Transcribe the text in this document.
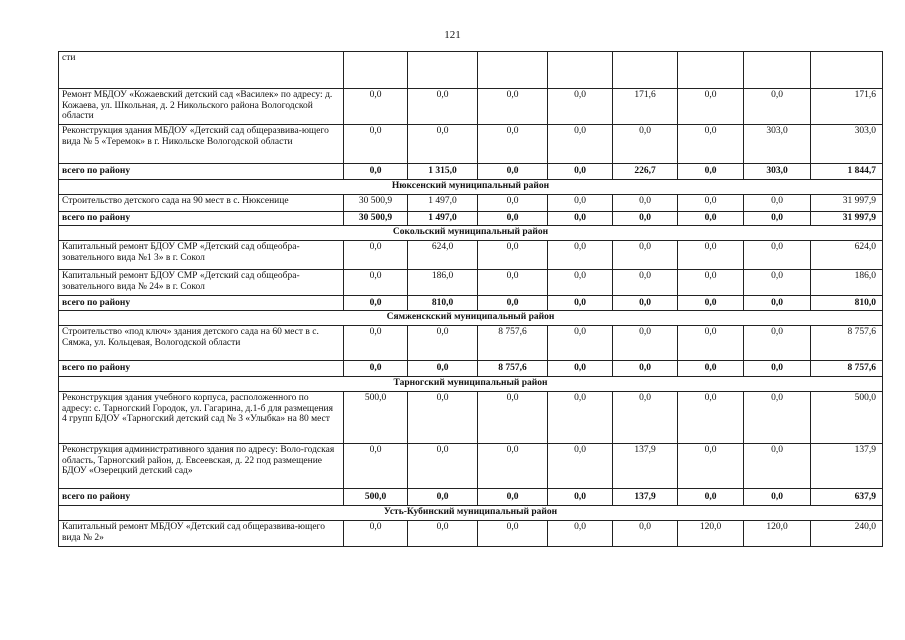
121
сти								
Ремонт МБДОУ «Кожаевский детский сад «Василек» по адресу: д. Кожаева, ул. Школьная, д. 2 Никольского района Вологодской области	0,0	0,0	0,0	0,0	171,6	0,0	0,0	171,6
Реконструкция здания МБДОУ «Детский сад общеразвива-ющего вида № 5 «Теремок» в г. Никольске Вологодской области	0,0	0,0	0,0	0,0	0,0	0,0	303,0	303,0
всего по району	0,0	1 315,0	0,0	0,0	226,7	0,0	303,0	1 844,7
Нюксенский муниципальный район								
Строительство детского сада на 90 мест в с. Нюксенице	30 500,9	1 497,0	0,0	0,0	0,0	0,0	0,0	31 997,9
всего по району	30 500,9	1 497,0	0,0	0,0	0,0	0,0	0,0	31 997,9
Сокольский муниципальный район								
Капитальный ремонт БДОУ СМР «Детский сад общеобра-зовательного вида №1 3» в г. Сокол	0,0	624,0	0,0	0,0	0,0	0,0	0,0	624,0
Капитальный ремонт БДОУ СМР «Детский сад общеобра-зовательного вида № 24» в г. Сокол	0,0	186,0	0,0	0,0	0,0	0,0	0,0	186,0
всего по району	0,0	810,0	0,0	0,0	0,0	0,0	0,0	810,0
Сямженскский муниципальный район								
Строительство «под ключ» здания детского сада на 60 мест в с. Сямжа, ул. Кольцевая, Вологодской области	0,0	0,0	8 757,6	0,0	0,0	0,0	0,0	8 757,6
всего по району	0,0	0,0	8 757,6	0,0	0,0	0,0	0,0	8 757,6
Тарногский муниципальный район								
Реконструкция здания учебного корпуса, расположенного по адресу: с. Тарногский Городок, ул. Гагарина, д.1-б для размещения 4 групп БДОУ «Тарногский детский сад № 3 «Улыбка» на 80 мест	500,0	0,0	0,0	0,0	0,0	0,0	0,0	500,0
Реконструкция административного здания по адресу: Воло-годская область, Тарногский район, д. Евсеевская, д. 22 под размещение БДОУ «Озерецкий детский сад»	0,0	0,0	0,0	0,0	137,9	0,0	0,0	137,9
всего по району	500,0	0,0	0,0	0,0	137,9	0,0	0,0	637,9
Усть-Кубинский муниципальный район								
Капитальный ремонт МБДОУ «Детский сад общеразвива-ющего вида № 2»	0,0	0,0	0,0	0,0	0,0	120,0	120,0	240,0
